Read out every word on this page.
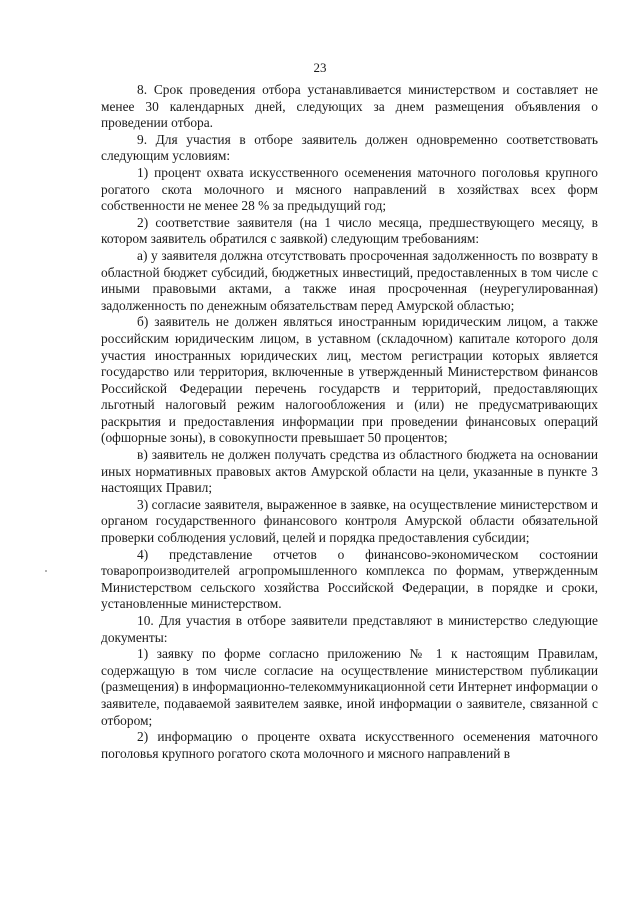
23

8. Срок проведения отбора устанавливается министерством и составляет не менее 30 календарных дней, следующих за днем размещения объявления о проведении отбора.

9. Для участия в отборе заявитель должен одновременно соответствовать следующим условиям:

1) процент охвата искусственного осеменения маточного поголовья крупного рогатого скота молочного и мясного направлений в хозяйствах всех форм собственности не менее 28 % за предыдущий год;

2) соответствие заявителя (на 1 число месяца, предшествующего месяцу, в котором заявитель обратился с заявкой) следующим требованиям:

а) у заявителя должна отсутствовать просроченная задолженность по возврату в областной бюджет субсидий, бюджетных инвестиций, предоставленных в том числе с иными правовыми актами, а также иная просроченная (неурегулированная) задолженность по денежным обязательствам перед Амурской областью;

б) заявитель не должен являться иностранным юридическим лицом, а также российским юридическим лицом, в уставном (складочном) капитале которого доля участия иностранных юридических лиц, местом регистрации которых является государство или территория, включенные в утвержденный Министерством финансов Российской Федерации перечень государств и территорий, предоставляющих льготный налоговый режим налогообложения и (или) не предусматривающих раскрытия и предоставления информации при проведении финансовых операций (офшорные зоны), в совокупности превышает 50 процентов;

в) заявитель не должен получать средства из областного бюджета на основании иных нормативных правовых актов Амурской области на цели, указанные в пункте 3 настоящих Правил;

3) согласие заявителя, выраженное в заявке, на осуществление министерством и органом государственного финансового контроля Амурской области обязательной проверки соблюдения условий, целей и порядка предоставления субсидии;

4) представление отчетов о финансово-экономическом состоянии товаропроизводителей агропромышленного комплекса по формам, утвержденным Министерством сельского хозяйства Российской Федерации, в порядке и сроки, установленные министерством.

10. Для участия в отборе заявители представляют в министерство следующие документы:

1) заявку по форме согласно приложению № 1 к настоящим Правилам, содержащую в том числе согласие на осуществление министерством публикации (размещения) в информационно-телекоммуникационной сети Интернет информации о заявителе, подаваемой заявителем заявке, иной информации о заявителе, связанной с отбором;

2) информацию о проценте охвата искусственного осеменения маточного поголовья крупного рогатого скота молочного и мясного направлений в
